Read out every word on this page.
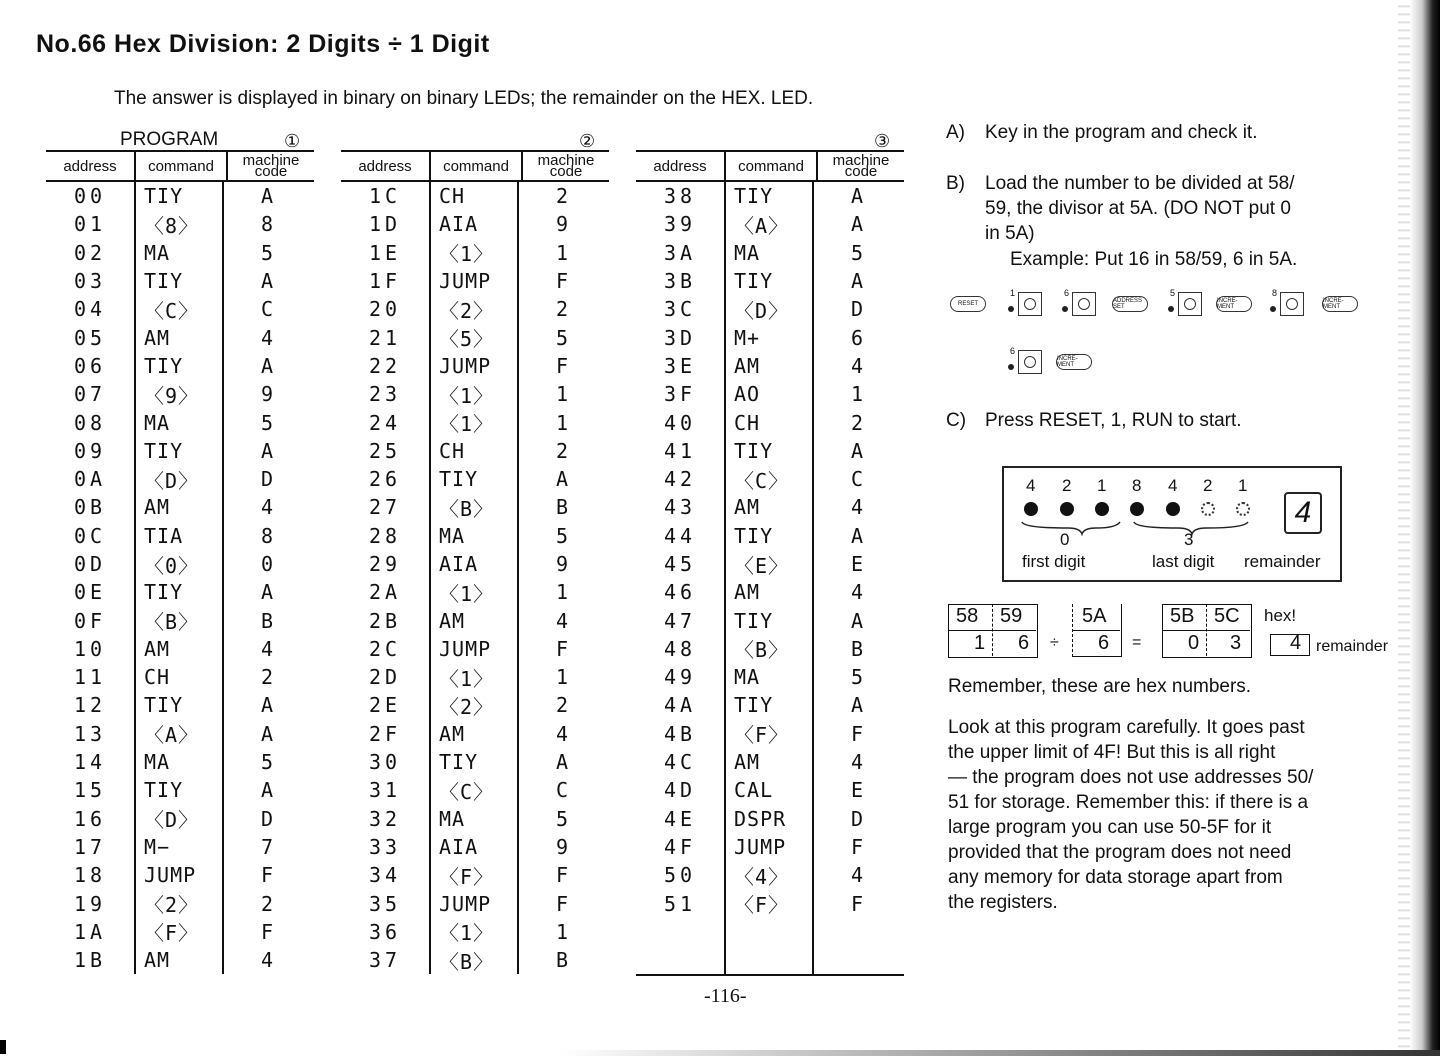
No.66 Hex Division: 2 Digits ÷ 1 Digit
The answer is displayed in binary on binary LEDs; the remainder on the HEX. LED.
PROGRAM	①
address	command	machine code
00	TIY	A
01	〈8〉	8
02	MA	5
03	TIY	A
04	〈C〉	C
05	AM	4
06	TIY	A
07	〈9〉	9
08	MA	5
09	TIY	A
0A	〈D〉	D
0B	AM	4
0C	TIA	8
0D	〈0〉	0
0E	TIY	A
0F	〈B〉	B
10	AM	4
11	CH	2
12	TIY	A
13	〈A〉	A
14	MA	5
15	TIY	A
16	〈D〉	D
17	M−	7
18	JUMP	F
19	〈2〉	2
1A	〈F〉	F
1B	AM	4
②
address	command	machine code
1C	CH	2
1D	AIA	9
1E	〈1〉	1
1F	JUMP	F
20	〈2〉	2
21	〈5〉	5
22	JUMP	F
23	〈1〉	1
24	〈1〉	1
25	CH	2
26	TIY	A
27	〈B〉	B
28	MA	5
29	AIA	9
2A	〈1〉	1
2B	AM	4
2C	JUMP	F
2D	〈1〉	1
2E	〈2〉	2
2F	AM	4
30	TIY	A
31	〈C〉	C
32	MA	5
33	AIA	9
34	〈F〉	F
35	JUMP	F
36	〈1〉	1
37	〈B〉	B
③
address	command	machine code
38	TIY	A
39	〈A〉	A
3A	MA	5
3B	TIY	A
3C	〈D〉	D
3D	M+	6
3E	AM	4
3F	AO	1
40	CH	2
41	TIY	A
42	〈C〉	C
43	AM	4
44	TIY	A
45	〈E〉	E
46	AM	4
47	TIY	A
48	〈B〉	B
49	MA	5
4A	TIY	A
4B	〈F〉	F
4C	AM	4
4D	CAL	E
4E	DSPR	D
4F	JUMP	F
50	〈4〉	4
51	〈F〉	F
A) Key in the program and check it.
B) Load the number to be divided at 58/
59, the divisor at 5A. (DO NOT put 0
in 5A)
Example: Put 16 in 58/59, 6 in 5A.
RESET
1	6
ADDRESS SET
5
INCRE-MENT
8
INCRE-MENT
6
INCRE-MENT
C) Press RESET, 1, RUN to start.
4 2 1 8 4 2 1
0	3
first digit	last digit remainder
4
58 59
1 6 ÷
5A
6 =
5B 5C
0 3
hex!
4 remainder
Remember, these are hex numbers.
Look at this program carefully. It goes past
the upper limit of 4F! But this is all right
— the program does not use addresses 50/
51 for storage. Remember this: if there is a
large program you can use 50-5F for it
provided that the program does not need
any memory for data storage apart from
the registers.
-116-
